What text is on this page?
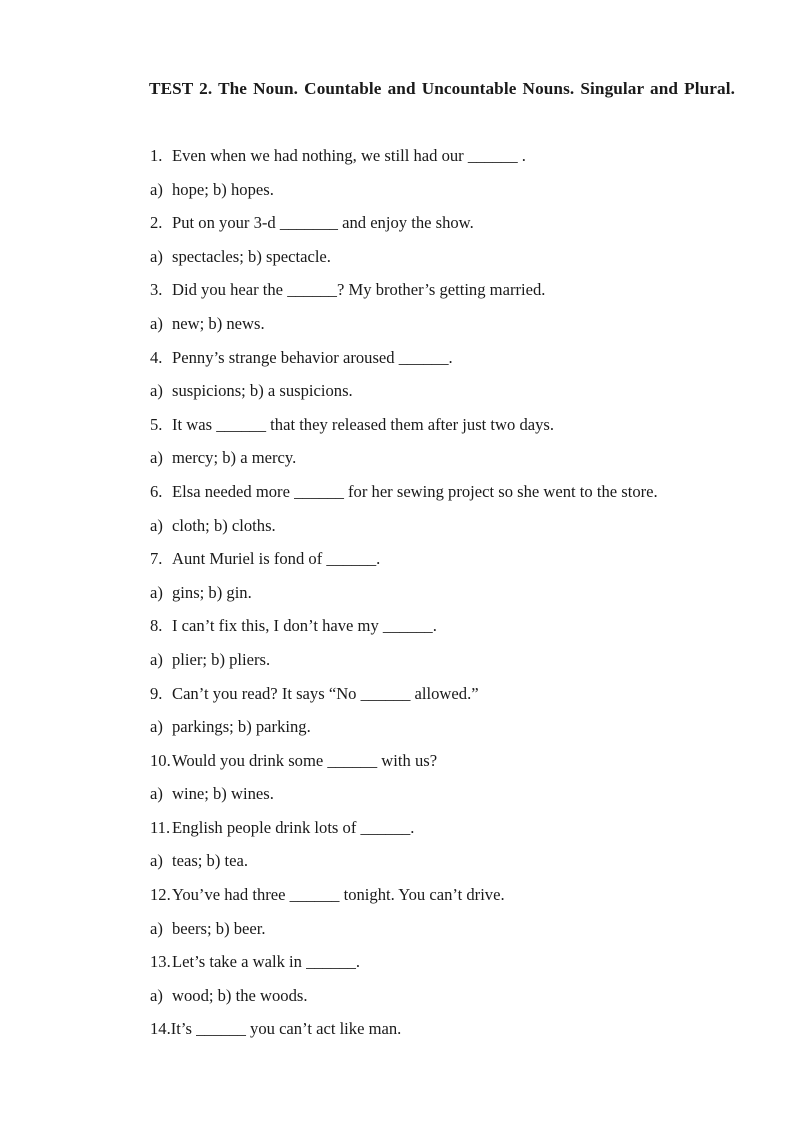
TEST 2. The Noun. Countable and Uncountable Nouns. Singular and Plural.

1. Even when we had nothing, we still had our ______ .

a) hope; b) hopes.

2. Put on your 3-d _______ and enjoy the show.

a) spectacles; b) spectacle.

3. Did you hear the ______? My brother’s getting married.

a) new; b) news.

4. Penny’s strange behavior aroused ______.

a) suspicions; b) a suspicions.

5. It was ______ that they released them after just two days.

a) mercy; b) a mercy.

6. Elsa needed more ______ for her sewing project so she went to the store.

a) cloth; b) cloths.

7. Aunt Muriel is fond of ______.

a) gins; b) gin.

8. I can’t fix this, I don’t have my ______.

a) plier; b) pliers.

9. Can’t you read? It says “No ______ allowed.”

a) parkings; b) parking.

10.Would you drink some ______ with us?

a) wine; b) wines.

11. English people drink lots of ______.

a) teas; b) tea.

12.You’ve had three ______ tonight. You can’t drive.

a) beers; b) beer.

13.Let’s take a walk in ______.

a) wood; b) the woods.

14.It’s ______ you can’t act like man.
